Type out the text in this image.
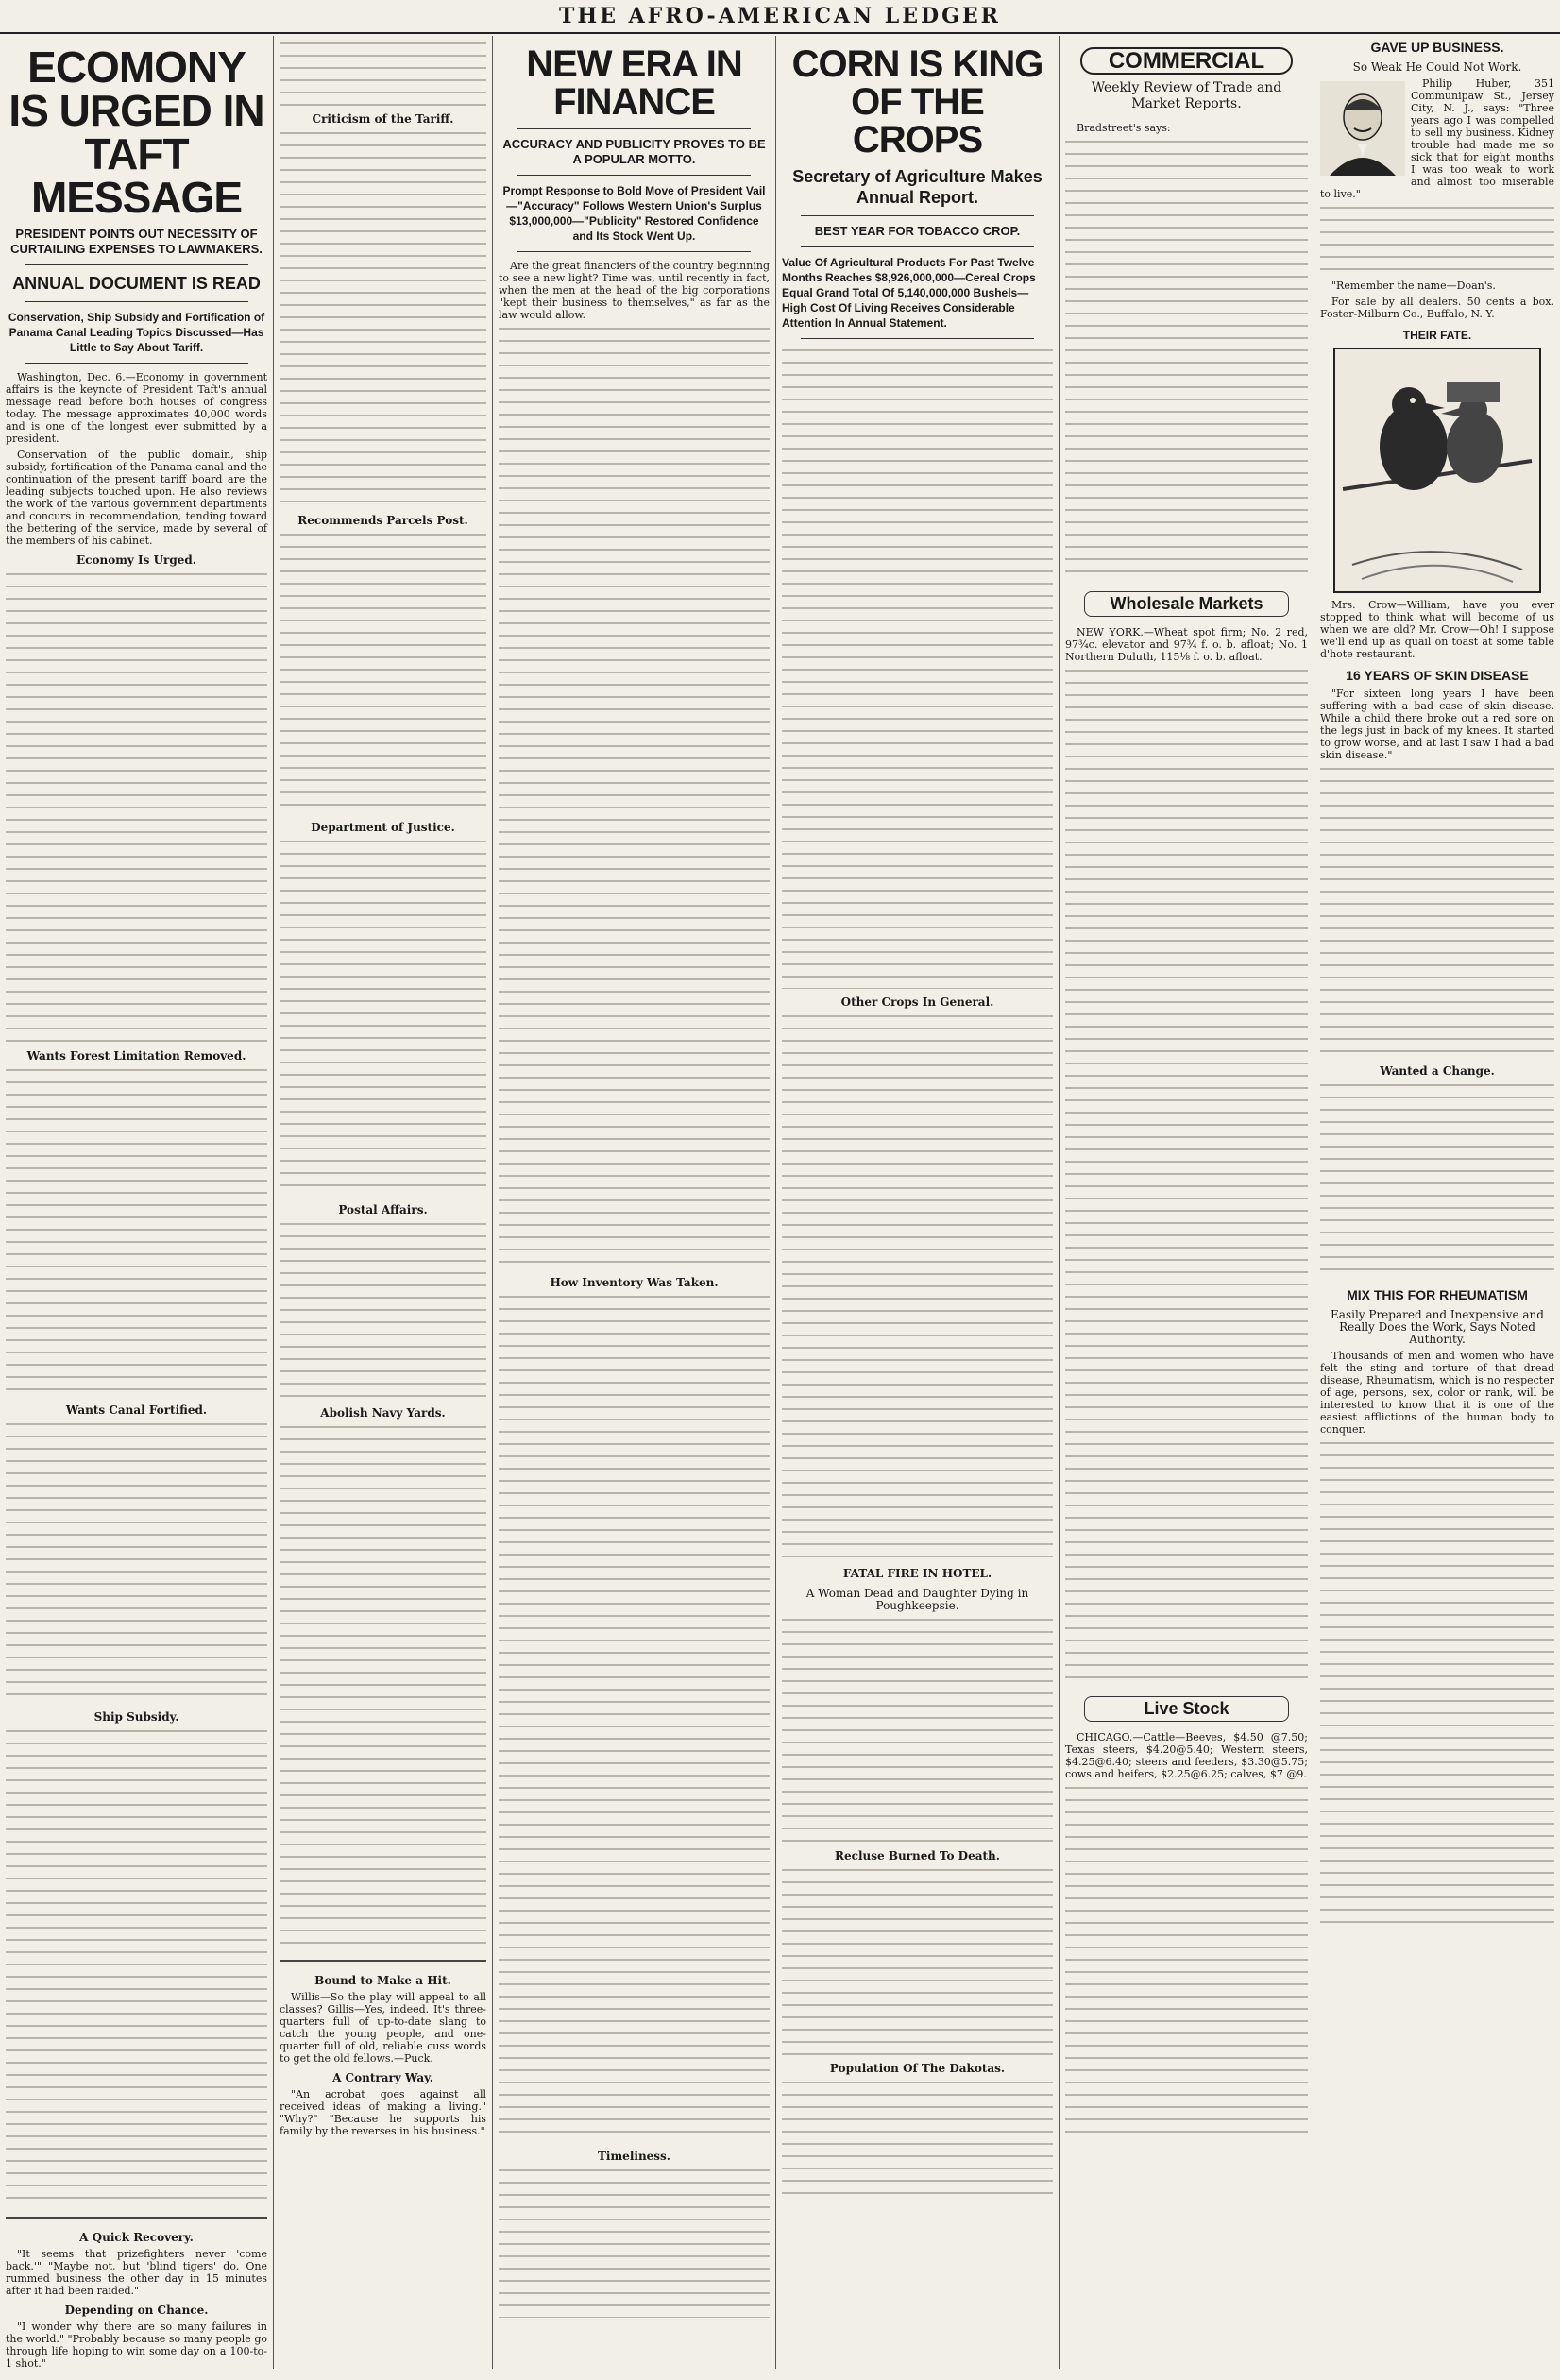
THE AFRO-AMERICAN LEDGER
ECOMONY IS URGED IN TAFT MESSAGE
PRESIDENT POINTS OUT NECESSITY OF CURTAILING EXPENSES TO LAWMAKERS.
ANNUAL DOCUMENT IS READ
Conservation, Ship Subsidy and Fortification of Panama Canal Leading Topics Discussed—Has Little to Say About Tariff.

Washington, Dec. 6.—Economy in government affairs is the keynote of President Taft's annual message read before both houses of congress today. The message approximates 40,000 words and is one of the longest ever submitted by a president.

Conservation of the public domain, ship subsidy, fortification of the Panama canal and the continuation of the present tariff board are the leading subjects touched upon. He also reviews the work of the various government departments and concurs in recommendation, tending toward the bettering of the service, made by several of the members of his cabinet.

Economy Is Urged.
Wants Forest Limitation Removed.
Wants Canal Fortified.
Ship Subsidy.
A Quick Recovery.

"It seems that prizefighters never 'come back.'" "Maybe not, but 'blind tigers' do. One rummed business the other day in 15 minutes after it had been raided."

Depending on Chance.

"I wonder why there are so many failures in the world." "Probably because so many people go through life hoping to win some day on a 100-to-1 shot."

Criticism of the Tariff.
Recommends Parcels Post.
Department of Justice.
Postal Affairs.
Abolish Navy Yards.
Bound to Make a Hit.

Willis—So the play will appeal to all classes? Gillis—Yes, indeed. It's three-quarters full of up-to-date slang to catch the young people, and one-quarter full of old, reliable cuss words to get the old fellows.—Puck.

A Contrary Way.

"An acrobat goes against all received ideas of making a living." "Why?" "Because he supports his family by the reverses in his business."

NEW ERA IN FINANCE
ACCURACY AND PUBLICITY PROVES TO BE A POPULAR MOTTO.
Prompt Response to Bold Move of President Vail—"Accuracy" Follows Western Union's Surplus $13,000,000—"Publicity" Restored Confidence and Its Stock Went Up.

Are the great financiers of the country beginning to see a new light? Time was, until recently in fact, when the men at the head of the big corporations "kept their business to themselves," as far as the law would allow.

How Inventory Was Taken.
Timeliness.
CORN IS KING OF THE CROPS
Secretary of Agriculture Makes Annual Report.
BEST YEAR FOR TOBACCO CROP.
Value Of Agricultural Products For Past Twelve Months Reaches $8,926,000,000—Cereal Crops Equal Grand Total Of 5,140,000,000 Bushels—High Cost Of Living Receives Considerable Attention In Annual Statement.
Other Crops In General.
FATAL FIRE IN HOTEL.
A Woman Dead and Daughter Dying in Poughkeepsie.
Recluse Burned To Death.
Population Of The Dakotas.
COMMERCIAL
Weekly Review of Trade and Market Reports.

Bradstreet's says:

Wholesale Markets

NEW YORK.—Wheat spot firm; No. 2 red, 97¾c. elevator and 97¾ f. o. b. afloat; No. 1 Northern Duluth, 115⅛ f. o. b. afloat.

Live Stock

CHICAGO.—Cattle—Beeves, $4.50 @7.50; Texas steers, $4.20@5.40; Western steers, $4.25@6.40; steers and feeders, $3.30@5.75; cows and heifers, $2.25@6.25; calves, $7 @9.

GAVE UP BUSINESS.
So Weak He Could Not Work.

Philip Huber, 351 Communipaw St., Jersey City, N. J., says: "Three years ago I was compelled to sell my business. Kidney trouble had made me so sick that for eight months I was too weak to work and almost too miserable to live."

"Remember the name—Doan's.

For sale by all dealers. 50 cents a box. Foster-Milburn Co., Buffalo, N. Y.

THEIR FATE.

Mrs. Crow—William, have you ever stopped to think what will become of us when we are old? Mr. Crow—Oh! I suppose we'll end up as quail on toast at some table d'hote restaurant.

16 YEARS OF SKIN DISEASE

"For sixteen long years I have been suffering with a bad case of skin disease. While a child there broke out a red sore on the legs just in back of my knees. It started to grow worse, and at last I saw I had a bad skin disease."

Wanted a Change.
MIX THIS FOR RHEUMATISM
Easily Prepared and Inexpensive and Really Does the Work, Says Noted Authority.

Thousands of men and women who have felt the sting and torture of that dread disease, Rheumatism, which is no respecter of age, persons, sex, color or rank, will be interested to know that it is one of the easiest afflictions of the human body to conquer.
